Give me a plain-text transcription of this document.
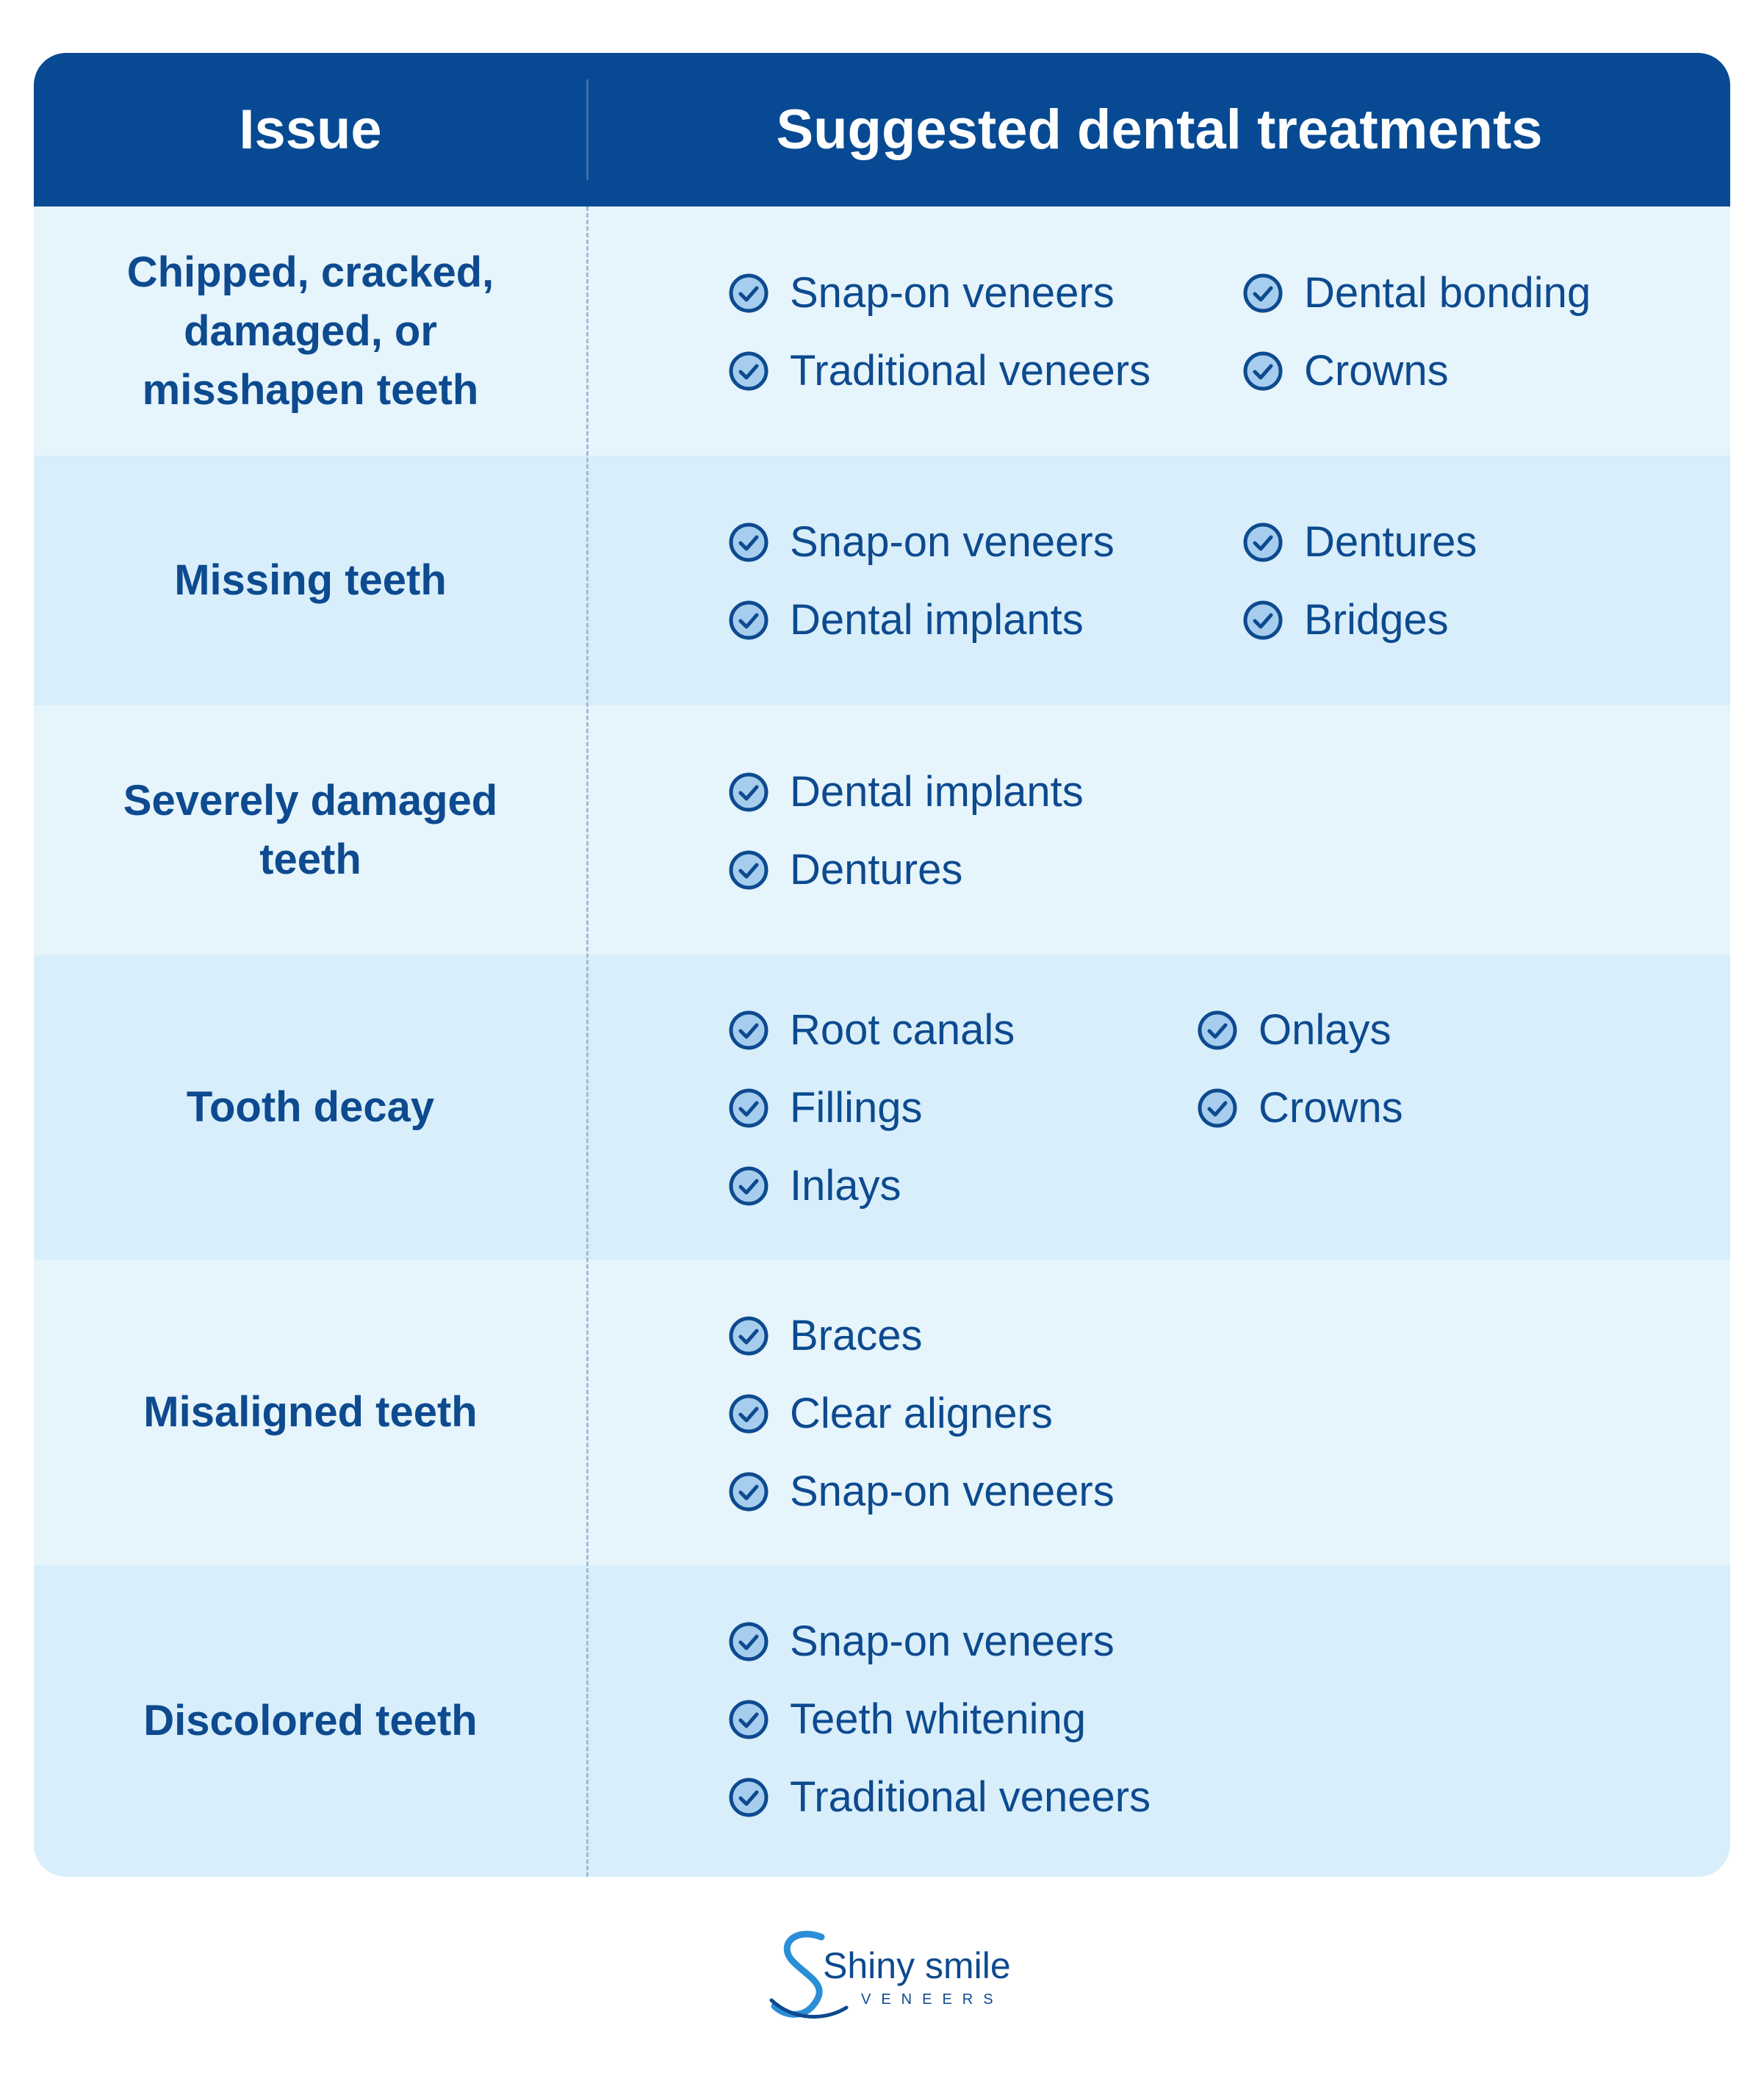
Issue	Suggested dental treatments
Chipped, cracked, damaged, or misshapen teeth
Snap-on veneers
Traditional veneers
Dental bonding
Crowns
Missing teeth
Snap-on veneers
Dental implants
Dentures
Bridges
Severely damaged teeth
Dental implants
Dentures
Tooth decay
Root canals
Fillings
Inlays
Onlays
Crowns
Misaligned teeth
Braces
Clear aligners
Snap-on veneers
Discolored teeth
Snap-on veneers
Teeth whitening
Traditional veneers
Shiny smile
VENEERS
